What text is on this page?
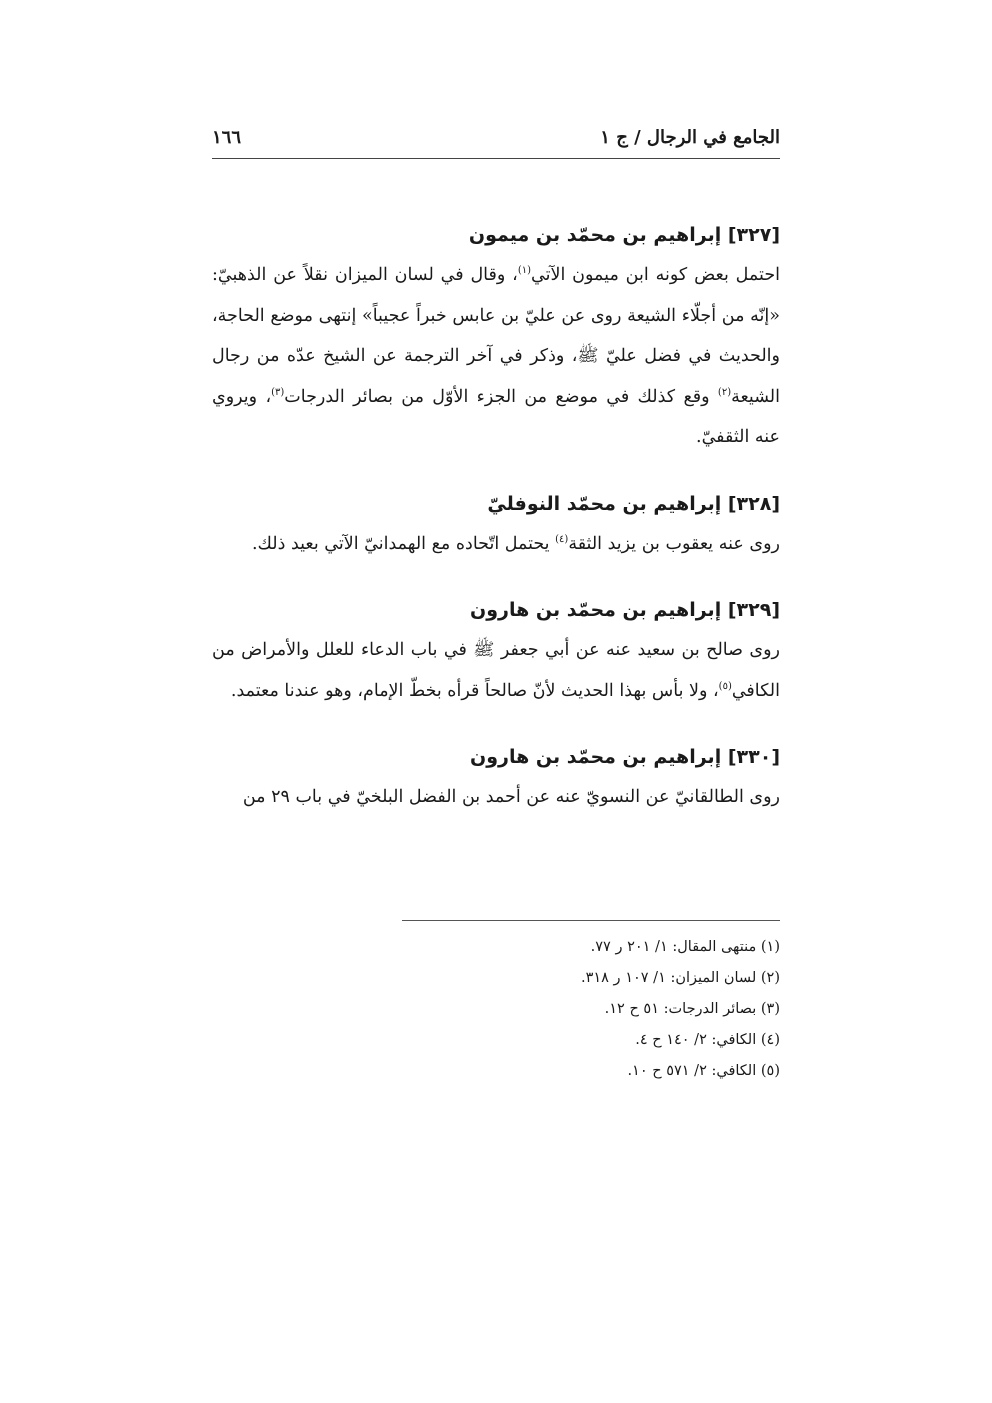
الجامع في الرجال / ج ١
١٦٦
[٣٢٧] إبراهيم بن محمّد بن ميمون

احتمل بعض كونه ابن ميمون الآتي$^{(١)}$، وقال في لسان الميزان نقلاً عن الذهبيّ: «إنّه من أجلّاء الشيعة روى عن عليّ بن عابس خبراً عجيباً» إنتهى موضع الحاجة، والحديث في فضل عليّ ﷺ، وذكر في آخر الترجمة عن الشيخ عدّه من رجال الشيعة$^{(٢)}$ وقع كذلك في موضع من الجزء الأوّل من بصائر الدرجات$^{(٣)}$، ويروي عنه الثقفيّ.

[٣٢٨] إبراهيم بن محمّد النوفليّ

روى عنه يعقوب بن يزيد الثقة$^{(٤)}$ يحتمل اتّحاده مع الهمدانيّ الآتي بعيد ذلك.

[٣٢٩] إبراهيم بن محمّد بن هارون

روى صالح بن سعيد عنه عن أبي جعفر ﷺ في باب الدعاء للعلل والأمراض من الكافي$^{(٥)}$، ولا بأس بهذا الحديث لأنّ صالحاً قرأه بخطّ الإمام، وهو عندنا معتمد.

[٣٣٠] إبراهيم بن محمّد بن هارون

روى الطالقانيّ عن النسويّ عنه عن أحمد بن الفضل البلخيّ في باب ٢٩ من

(١) منتهى المقال: ١/ ٢٠١ ر ٧٧.

(٢) لسان الميزان: ١/ ١٠٧ ر ٣١٨.

(٣) بصائر الدرجات: ٥١ ح ١٢.

(٤) الكافي: ٢/ ١٤٠ ح ٤.

(٥) الكافي: ٢/ ٥٧١ ح ١٠.
